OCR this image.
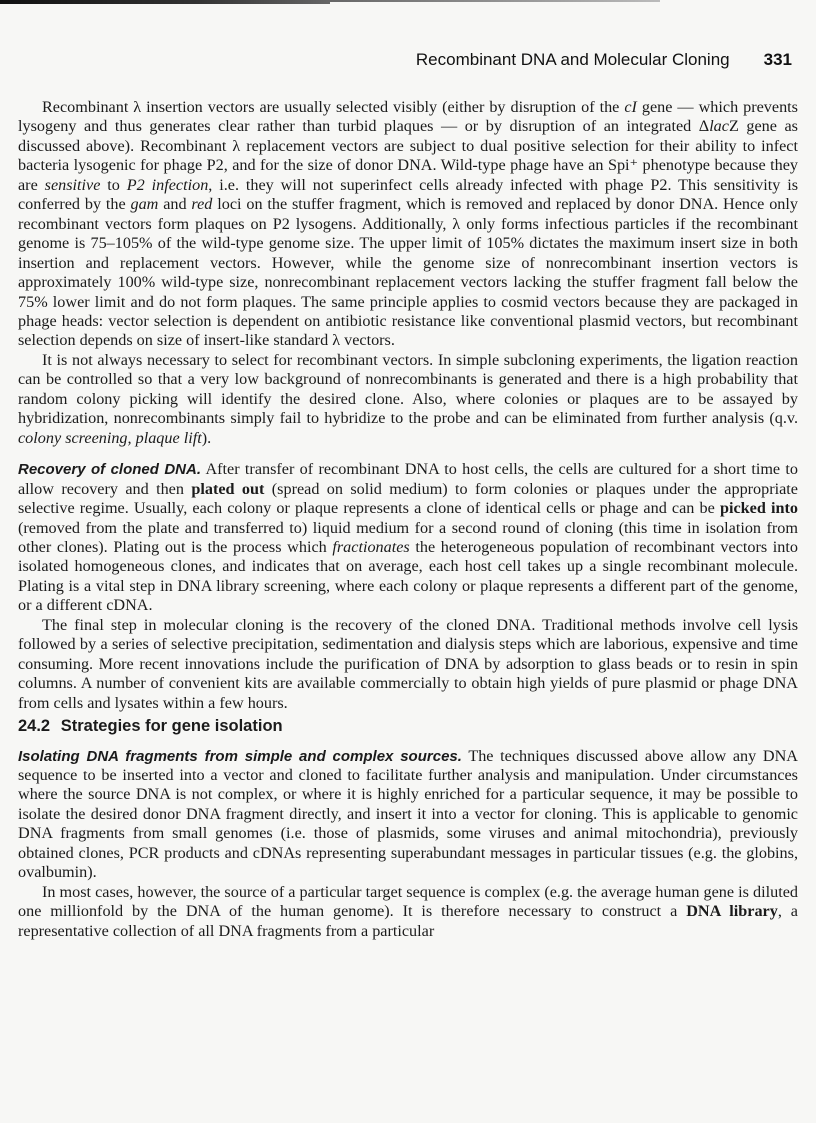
Recombinant DNA and Molecular Cloning 331

Recombinant λ insertion vectors are usually selected visibly (either by disruption of the cI gene — which prevents lysogeny and thus generates clear rather than turbid plaques — or by disruption of an integrated ΔlacZ gene as discussed above). Recombinant λ replacement vectors are subject to dual positive selection for their ability to infect bacteria lysogenic for phage P2, and for the size of donor DNA. Wild-type phage have an Spi⁺ phenotype because they are sensitive to P2 infection, i.e. they will not superinfect cells already infected with phage P2. This sensitivity is conferred by the gam and red loci on the stuffer fragment, which is removed and replaced by donor DNA. Hence only recombinant vectors form plaques on P2 lysogens. Additionally, λ only forms infectious particles if the recombinant genome is 75–105% of the wild-type genome size. The upper limit of 105% dictates the maximum insert size in both insertion and replacement vectors. However, while the genome size of nonrecombinant insertion vectors is approximately 100% wild-type size, nonrecombinant replacement vectors lacking the stuffer fragment fall below the 75% lower limit and do not form plaques. The same principle applies to cosmid vectors because they are packaged in phage heads: vector selection is dependent on antibiotic resistance like conventional plasmid vectors, but recombinant selection depends on size of insert-like standard λ vectors.

It is not always necessary to select for recombinant vectors. In simple subcloning experiments, the ligation reaction can be controlled so that a very low background of nonrecombinants is generated and there is a high probability that random colony picking will identify the desired clone. Also, where colonies or plaques are to be assayed by hybridization, nonrecombinants simply fail to hybridize to the probe and can be eliminated from further analysis (q.v. colony screening, plaque lift).

Recovery of cloned DNA. After transfer of recombinant DNA to host cells, the cells are cultured for a short time to allow recovery and then plated out (spread on solid medium) to form colonies or plaques under the appropriate selective regime. Usually, each colony or plaque represents a clone of identical cells or phage and can be picked into (removed from the plate and transferred to) liquid medium for a second round of cloning (this time in isolation from other clones). Plating out is the process which fractionates the heterogeneous population of recombinant vectors into isolated homogeneous clones, and indicates that on average, each host cell takes up a single recombinant molecule. Plating is a vital step in DNA library screening, where each colony or plaque represents a different part of the genome, or a different cDNA.

The final step in molecular cloning is the recovery of the cloned DNA. Traditional methods involve cell lysis followed by a series of selective precipitation, sedimentation and dialysis steps which are laborious, expensive and time consuming. More recent innovations include the purification of DNA by adsorption to glass beads or to resin in spin columns. A number of convenient kits are available commercially to obtain high yields of pure plasmid or phage DNA from cells and lysates within a few hours.

24.2 Strategies for gene isolation

Isolating DNA fragments from simple and complex sources. The techniques discussed above allow any DNA sequence to be inserted into a vector and cloned to facilitate further analysis and manipulation. Under circumstances where the source DNA is not complex, or where it is highly enriched for a particular sequence, it may be possible to isolate the desired donor DNA fragment directly, and insert it into a vector for cloning. This is applicable to genomic DNA fragments from small genomes (i.e. those of plasmids, some viruses and animal mitochondria), previously obtained clones, PCR products and cDNAs representing superabundant messages in particular tissues (e.g. the globins, ovalbumin).

In most cases, however, the source of a particular target sequence is complex (e.g. the average human gene is diluted one millionfold by the DNA of the human genome). It is therefore necessary to construct a DNA library, a representative collection of all DNA fragments from a particular
